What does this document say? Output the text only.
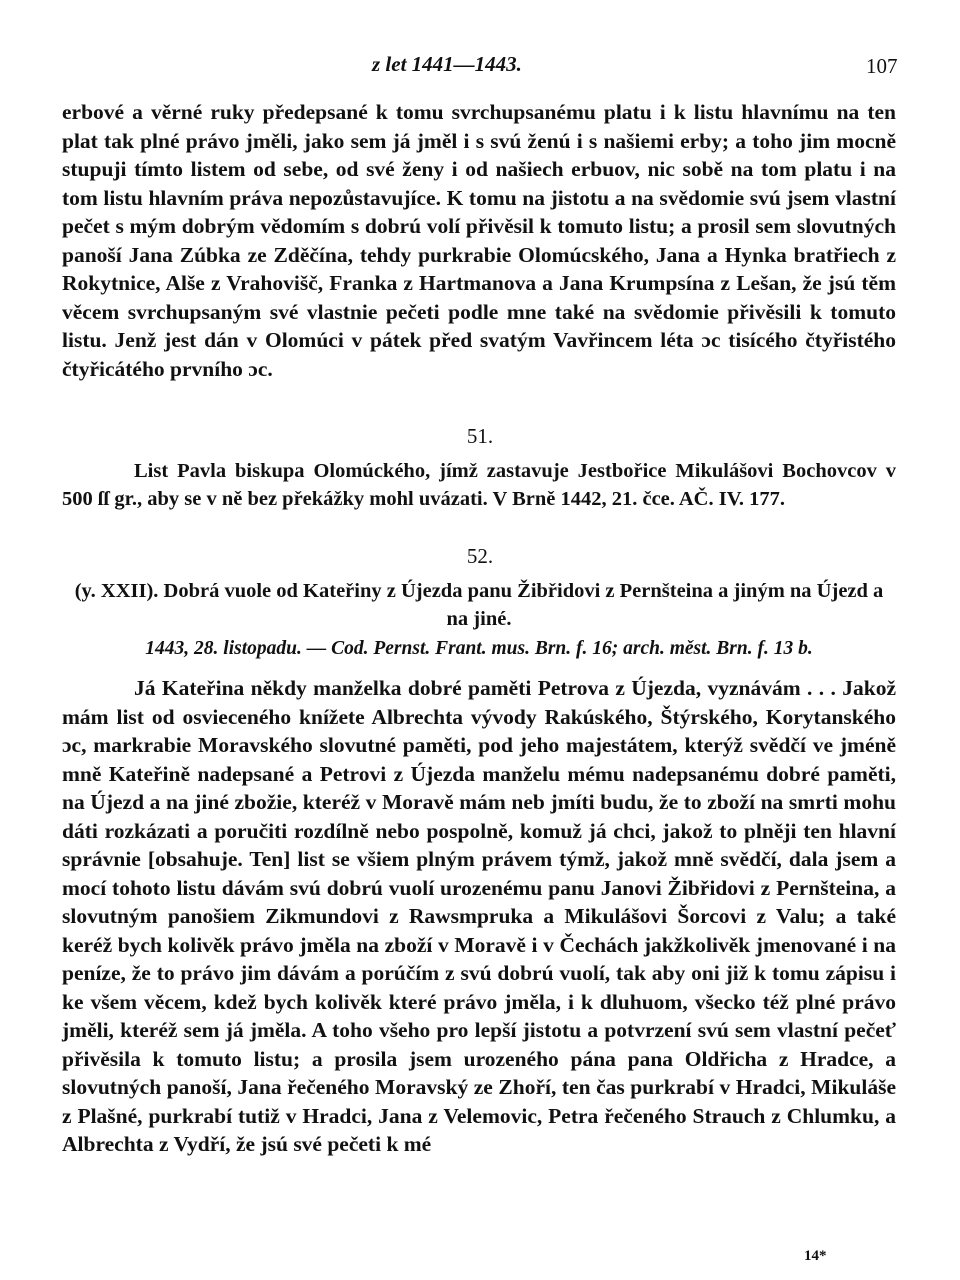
z let 1441—1443.	107

erbové a věrné ruky předepsané k tomu svrchupsanému platu i k listu hlavnímu na ten plat tak plné právo jměli, jako sem já jměl i s svú ženú i s našiemi erby; a toho jim mocně stupuji tímto listem od sebe, od své ženy i od našiech erbuov, nic sobě na tom platu i na tom listu hlavním práva nepozůstavujíce. K tomu na jistotu a na svědomie svú jsem vlastní pečet s mým dobrým vědomím s dobrú volí přivěsil k tomuto listu; a prosil sem slovutných panoší Jana Zúbka ze Zděčína, tehdy purkrabie Olomúcského, Jana a Hynka bratřiech z Rokytnice, Alše z Vrahovišč, Franka z Hartmanova a Jana Krumpsína z Lešan, že jsú těm věcem svrchupsaným své vlastnie pečeti podle mne také na svědomie přivěsili k tomuto listu. Jenž jest dán v Olomúci v pátek před svatým Vavřincem léta ɔc tisícého čtyřistého čtyřicátého prvního ɔc.

51.

List Pavla biskupa Olomúckého, jímž zastavuje Jestbořice Mikulášovi Bochovcov v 500 ſſ gr., aby se v ně bez překážky mohl uvázati. V Brně 1442, 21. čce. AČ. IV. 177.

52.

(y. XXII). Dobrá vuole od Kateřiny z Újezda panu Žibřidovi z Pernšteina a jiným na Újezd a na jiné.

1443, 28. listopadu. — Cod. Pernst. Frant. mus. Brn. f. 16; arch. měst. Brn. f. 13 b.

Já Kateřina někdy manželka dobré paměti Petrova z Újezda, vyznávám . . . Jakož mám list od osvieceného knížete Albrechta vývody Rakúského, Štýrského, Korytanského ɔc, markrabie Moravského slovutné paměti, pod jeho majestátem, kterýž svědčí ve jméně mně Kateřině nadepsané a Petrovi z Újezda manželu mému nadepsanému dobré paměti, na Újezd a na jiné zbožie, kteréž v Moravě mám neb jmíti budu, že to zboží na smrti mohu dáti rozkázati a poručiti rozdílně nebo pospolně, komuž já chci, jakož to plněji ten hlavní správnie [obsahuje. Ten] list se všiem plným právem týmž, jakož mně svědčí, dala jsem a mocí tohoto listu dávám svú dobrú vuolí urozenému panu Janovi Žibřidovi z Pernšteina, a slovutným panošiem Zikmundovi z Rawsmpruka a Mikulášovi Šorcovi z Valu; a také keréž bych kolivěk právo jměla na zboží v Moravě i v Čechách jakžkolivěk jmenované i na peníze, že to právo jim dávám a porúčím z svú dobrú vuolí, tak aby oni již k tomu zápisu i ke všem věcem, kdež bych kolivěk které právo jměla, i k dluhuom, všecko též plné právo jměli, kteréž sem já jměla. A toho všeho pro lepší jistotu a potvrzení svú sem vlastní pečeť přivěsila k tomuto listu; a prosila jsem urozeného pána pana Oldřicha z Hradce, a slovutných panoší, Jana řečeného Moravský ze Zhoří, ten čas purkrabí v Hradci, Mikuláše z Plašné, purkrabí tutiž v Hradci, Jana z Velemovic, Petra řečeného Strauch z Chlumku, a Albrechta z Vydří, že jsú své pečeti k mé

14*
